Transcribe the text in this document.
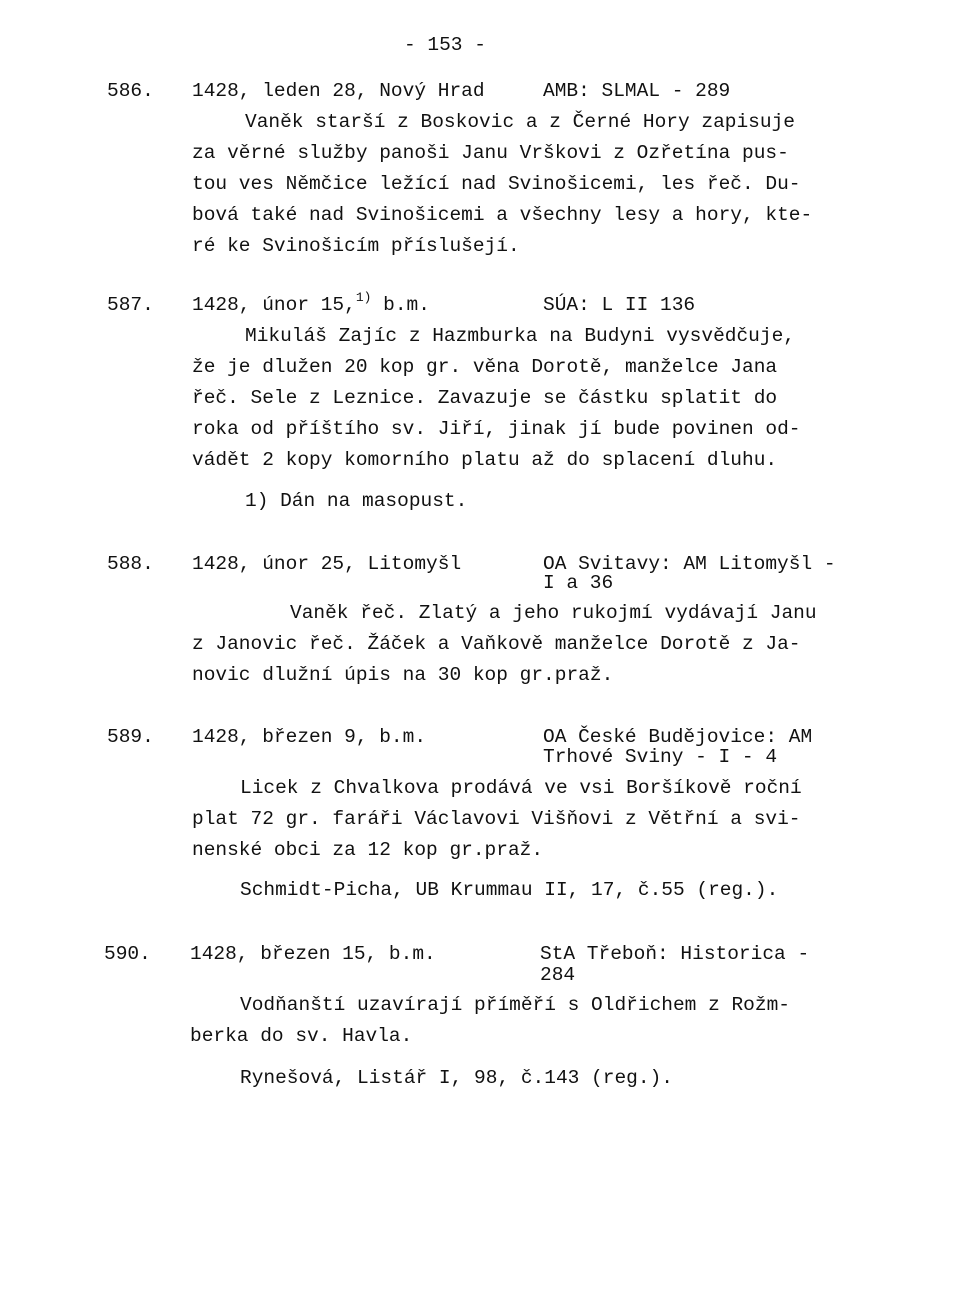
- 153 -
586. 1428, leden 28, Nový Hrad	AMB: SLMAL - 289
Vaněk starší z Boskovic a z Černé Hory zapisuje
za věrné služby panoši Janu Vrškovi z Ozřetína pus-
tou ves Němčice ležící nad Svinošicemi, les řeč. Du-
bová také nad Svinošicemi a všechny lesy a hory, kte-
ré ke Svinošicím příslušejí.
587. 1428, únor 15,$^{1)}$ b.m.	SÚA: L II 136
Mikuláš Zajíc z Hazmburka na Budyni vysvědčuje,
že je dlužen 20 kop gr. věna Dorotě, manželce Jana
řeč. Sele z Leznice. Zavazuje se částku splatit do
roka od příštího sv. Jiří, jinak jí bude povinen od-
vádět 2 kopy komorního platu až do splacení dluhu.
1) Dán na masopust.
588. 1428, únor 25, Litomyšl	OA Svitavy: AM Litomyšl -
I a 36
Vaněk řeč. Zlatý a jeho rukojmí vydávají Janu
z Janovic řeč. Žáček a Vaňkově manželce Dorotě z Ja-
novic dlužní úpis na 30 kop gr.praž.
589. 1428, březen 9, b.m.	OA České Budějovice: AM
Trhové Sviny - I - 4
Licek z Chvalkova prodává ve vsi Boršíkově roční
plat 72 gr. faráři Václavovi Višňovi z Větřní a svi-
nenské obci za 12 kop gr.praž.
Schmidt-Picha, UB Krummau II, 17, č.55 (reg.).
590. 1428, březen 15, b.m.	StA Třeboň: Historica -
284
Vodňanští uzavírají příměří s Oldřichem z Rožm-
berka do sv. Havla.
Rynešová, Listář I, 98, č.143 (reg.).
